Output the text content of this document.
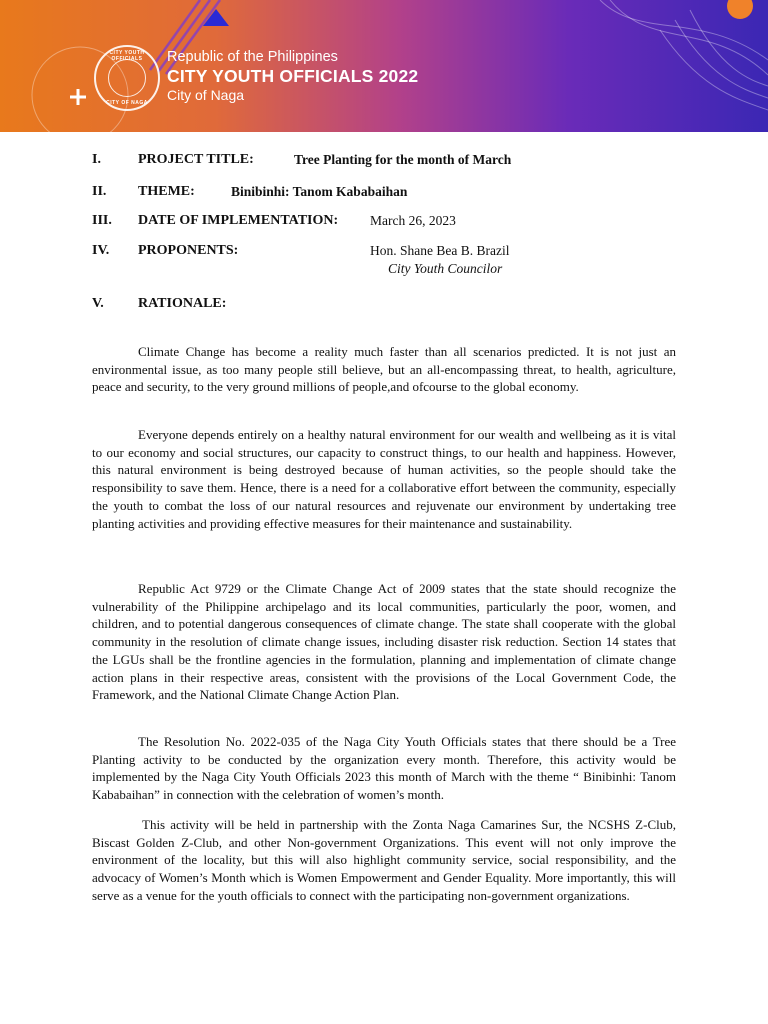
CITY YOUTH OFFICIALS
CITY OF NAGA
Republic of the Philippines
CITY YOUTH OFFICIALS 2022
City of Naga
I.	PROJECT TITLE:	Tree Planting for the month of March
II. THEME:	Binibinhi: Tanom Kababaihan
III. DATE OF IMPLEMENTATION: March 26, 2023
IV. PROPONENTS:	Hon. Shane Bea B. Brazil
City Youth Councilor
V. RATIONALE:
Climate Change has become a reality much faster than all scenarios predicted. It is not just an environmental issue, as too many people still believe, but an all-encompassing threat, to health, agriculture, peace and security, to the very ground millions of people,and ofcourse to the global economy.
Everyone depends entirely on a healthy natural environment for our wealth and wellbeing as it is vital to our economy and social structures, our capacity to construct things, to our health and happiness. However, this natural environment is being destroyed because of human activities, so the people should take the responsibility to save them. Hence, there is a need for a collaborative effort between the community, especially the youth to combat the loss of our natural resources and rejuvenate our environment by undertaking tree planting activities and providing effective measures for their maintenance and sustainability.
Republic Act 9729 or the Climate Change Act of 2009 states that the state should recognize the vulnerability of the Philippine archipelago and its local communities, particularly the poor, women, and children, and to potential dangerous consequences of climate change. The state shall cooperate with the global community in the resolution of climate change issues, including disaster risk reduction. Section 14 states that the LGUs shall be the frontline agencies in the formulation, planning and implementation of climate change action plans in their respective areas, consistent with the provisions of the Local Government Code, the Framework, and the National Climate Change Action Plan.
The Resolution No. 2022-035 of the Naga City Youth Officials states that there should be a Tree Planting activity to be conducted by the organization every month. Therefore, this activity would be implemented by the Naga City Youth Officials 2023 this month of March with the theme “ Binibinhi: Tanom Kababaihan” in connection with the celebration of women’s month.
This activity will be held in partnership with the Zonta Naga Camarines Sur, the NCSHS Z-Club, Biscast Golden Z-Club, and other Non-government Organizations. This event will not only improve the environment of the locality, but this will also highlight community service, social responsibility, and the advocacy of Women’s Month which is Women Empowerment and Gender Equality. More importantly, this will serve as a venue for the youth officials to connect with the participating non-government organizations.
